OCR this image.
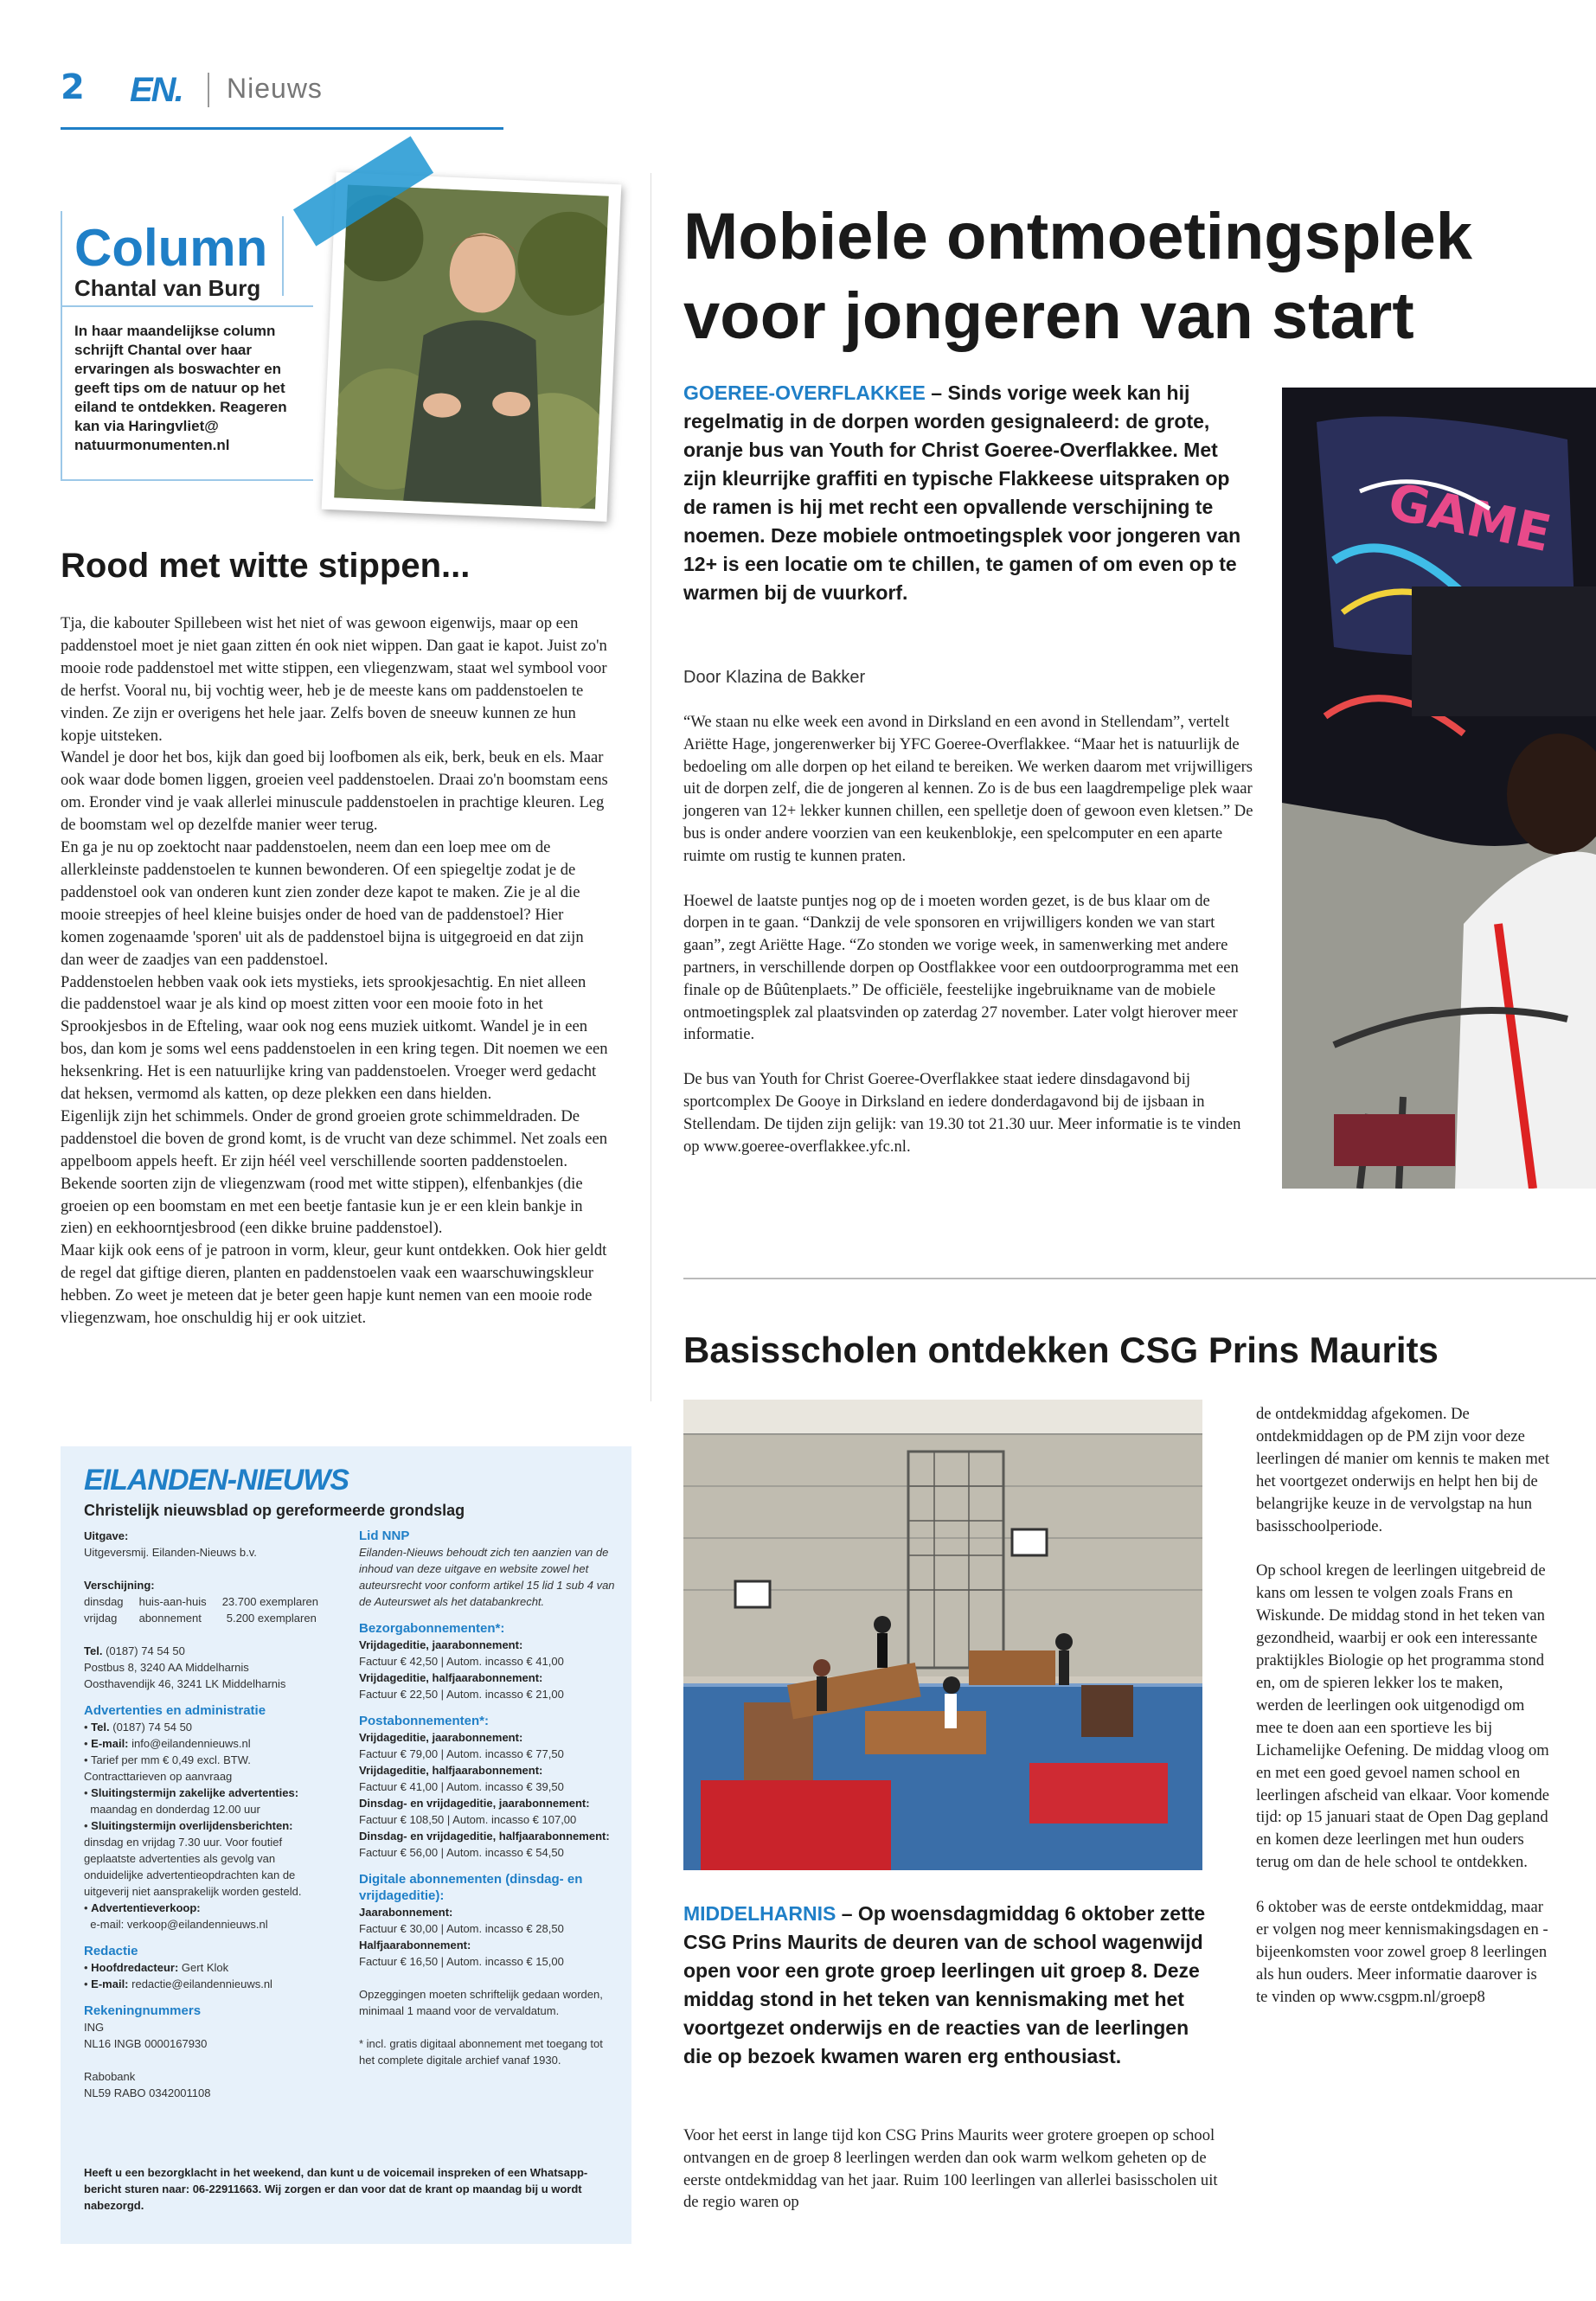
2 EN. Nieuws
Column
Chantal van Burg
In haar maandelijkse column schrijft Chantal over haar ervaringen als boswachter en geeft tips om de natuur op het eiland te ontdekken. Reageren kan via Haringvliet@ natuurmonumenten.nl
Rood met witte stippen...

Tja, die kabouter Spillebeen wist het niet of was gewoon eigenwijs, maar op een paddenstoel moet je niet gaan zitten én ook niet wippen. Dan gaat ie kapot. Juist zo'n mooie rode paddenstoel met witte stippen, een vliegenzwam, staat wel symbool voor de herfst. Vooral nu, bij vochtig weer, heb je de meeste kans om paddenstoelen te vinden. Ze zijn er overigens het hele jaar. Zelfs boven de sneeuw kunnen ze hun kopje uitsteken.

Wandel je door het bos, kijk dan goed bij loofbomen als eik, berk, beuk en els. Maar ook waar dode bomen liggen, groeien veel paddenstoelen. Draai zo'n boomstam eens om. Eronder vind je vaak allerlei minuscule paddenstoelen in prachtige kleuren. Leg de boomstam wel op dezelfde manier weer terug.

En ga je nu op zoektocht naar paddenstoelen, neem dan een loep mee om de allerkleinste paddenstoelen te kunnen bewonderen. Of een spiegeltje zodat je de paddenstoel ook van onderen kunt zien zonder deze kapot te maken. Zie je al die mooie streepjes of heel kleine buisjes onder de hoed van de paddenstoel? Hier komen zogenaamde 'sporen' uit als de paddenstoel bijna is uitgegroeid en dat zijn dan weer de zaadjes van een paddenstoel.

Paddenstoelen hebben vaak ook iets mystieks, iets sprookjesachtig. En niet alleen die paddenstoel waar je als kind op moest zitten voor een mooie foto in het Sprookjesbos in de Efteling, waar ook nog eens muziek uitkomt. Wandel je in een bos, dan kom je soms wel eens paddenstoelen in een kring tegen. Dit noemen we een heksenkring. Het is een natuurlijke kring van paddenstoelen. Vroeger werd gedacht dat heksen, vermomd als katten, op deze plekken een dans hielden.

Eigenlijk zijn het schimmels. Onder de grond groeien grote schimmeldraden. De paddenstoel die boven de grond komt, is de vrucht van deze schimmel. Net zoals een appelboom appels heeft. Er zijn héél veel verschillende soorten paddenstoelen. Bekende soorten zijn de vliegenzwam (rood met witte stippen), elfenbankjes (die groeien op een boomstam en met een beetje fantasie kun je er een klein bankje in zien) en eekhoorntjesbrood (een dikke bruine paddenstoel).

Maar kijk ook eens of je patroon in vorm, kleur, geur kunt ontdekken. Ook hier geldt de regel dat giftige dieren, planten en paddenstoelen vaak een waarschuwingskleur hebben. Zo weet je meteen dat je beter geen hapje kunt nemen van een mooie rode vliegenzwam, hoe onschuldig hij er ook uitziet.

EILANDEN-NIEUWS
Christelijk nieuwsblad op gereformeerde grondslag
Uitgave:
Uitgeversmij. Eilanden-Nieuws b.v.

Verschijning:
dinsdag     huis-aan-huis     23.700 exemplaren
vrijdag       abonnement        5.200 exemplaren

Tel. (0187) 74 54 50
Postbus 8, 3240 AA Middelharnis
Oosthavendijk 46, 3241 LK Middelharnis
Advertenties en administratie
• Tel. (0187) 74 54 50
• E-mail: info@eilandennieuws.nl
• Tarief per mm € 0,49 excl. BTW. Contracttarieven op aanvraag
• Sluitingstermijn zakelijke advertenties:
maandag en donderdag 12.00 uur
• Sluitingstermijn overlijdensberichten:
dinsdag en vrijdag 7.30 uur. Voor foutief geplaatste advertenties als gevolg van onduidelijke advertentieopdrachten kan de uitgeverij niet aansprakelijk worden gesteld.
• Advertentieverkoop:
e-mail: verkoop@eilandennieuws.nl
Redactie
• Hoofdredacteur: Gert Klok
• E-mail: redactie@eilandennieuws.nl
Rekeningnummers
ING
NL16 INGB 0000167930

Rabobank
NL59 RABO 0342001108
Lid NNP
Eilanden-Nieuws behoudt zich ten aanzien van de inhoud van deze uitgave en website zowel het auteursrecht voor conform artikel 15 lid 1 sub 4 van de Auteurswet als het databankrecht.
Bezorgabonnementen*:
Vrijdageditie, jaarabonnement:
Factuur € 42,50 | Autom. incasso € 41,00
Vrijdageditie, halfjaarabonnement:
Factuur € 22,50 | Autom. incasso € 21,00
Postabonnementen*:
Vrijdageditie, jaarabonnement:
Factuur € 79,00 | Autom. incasso € 77,50
Vrijdageditie, halfjaarabonnement:
Factuur € 41,00 | Autom. incasso € 39,50
Dinsdag- en vrijdageditie, jaarabonnement:
Factuur € 108,50 | Autom. incasso € 107,00
Dinsdag- en vrijdageditie, halfjaarabonnement:
Factuur € 56,00 | Autom. incasso € 54,50
Digitale abonnementen (dinsdag- en vrijdageditie):
Jaarabonnement:
Factuur € 30,00 | Autom. incasso € 28,50
Halfjaarabonnement:
Factuur € 16,50 | Autom. incasso € 15,00

Opzeggingen moeten schriftelijk gedaan worden, minimaal 1 maand voor de vervaldatum.

* incl. gratis digitaal abonnement met toegang tot het complete digitale archief vanaf 1930.
Heeft u een bezorgklacht in het weekend, dan kunt u de voicemail inspreken of een Whatsapp-bericht sturen naar: 06-22911663. Wij zorgen er dan voor dat de krant op maandag bij u wordt nabezorgd.
Mobiele ontmoetingsplek voor jongeren van start
GOEREE-OVERFLAKKEE – Sinds vorige week kan hij regelmatig in de dorpen worden gesignaleerd: de grote, oranje bus van Youth for Christ Goeree-Overflakkee. Met zijn kleurrijke graffiti en typische Flakkeese uitspraken op de ramen is hij met recht een opvallende verschijning te noemen. Deze mobiele ontmoetingsplek voor jongeren van 12+ is een locatie om te chillen, te gamen of om even op te warmen bij de vuurkorf.
Door Klazina de Bakker

“We staan nu elke week een avond in Dirksland en een avond in Stellendam”, vertelt Ariëtte Hage, jongerenwerker bij YFC Goeree-Overflakkee. “Maar het is natuurlijk de bedoeling om alle dorpen op het eiland te bereiken. We werken daarom met vrijwilligers uit de dorpen zelf, die de jongeren al kennen. Zo is de bus een laagdrempelige plek waar jongeren van 12+ lekker kunnen chillen, een spelletje doen of gewoon even kletsen.” De bus is onder andere voorzien van een keukenblokje, een spelcomputer en een aparte ruimte om rustig te kunnen praten.

Hoewel de laatste puntjes nog op de i moeten worden gezet, is de bus klaar om de dorpen in te gaan. “Dankzij de vele sponsoren en vrijwilligers konden we van start gaan”, zegt Ariëtte Hage. “Zo stonden we vorige week, in samenwerking met andere partners, in verschillende dorpen op Oostflakkee voor een outdoorprogramma met een finale op de Bûûtenplaets.” De officiële, feestelijke ingebruikname van de mobiele ontmoetingsplek zal plaatsvinden op zaterdag 27 november. Later volgt hierover meer informatie.

De bus van Youth for Christ Goeree-Overflakkee staat iedere dinsdagavond bij sportcomplex De Gooye in Dirksland en iedere donderdagavond bij de ijsbaan in Stellendam. De tijden zijn gelijk: van 19.30 tot 21.30 uur. Meer informatie is te vinden op www.goeree-overflakkee.yfc.nl.

GAME
Basisscholen ontdekken CSG Prins Maurits
MIDDELHARNIS – Op woensdagmiddag 6 oktober zette CSG Prins Maurits de deuren van de school wagenwijd open voor een grote groep leerlingen uit groep 8. Deze middag stond in het teken van kennismaking met het voortgezet onderwijs en de reacties van de leerlingen die op bezoek kwamen waren erg enthousiast.
Voor het eerst in lange tijd kon CSG Prins Maurits weer grotere groepen op school ontvangen en de groep 8 leerlingen werden dan ook warm welkom geheten op de eerste ontdekmiddag van het jaar. Ruim 100 leerlingen van allerlei basisscholen uit de regio waren op

de ontdekmiddag afgekomen. De ontdekmiddagen op de PM zijn voor deze leerlingen dé manier om kennis te maken met het voortgezet onderwijs en helpt hen bij de belangrijke keuze in de vervolgstap na hun basisschoolperiode.

Op school kregen de leerlingen uitgebreid de kans om lessen te volgen zoals Frans en Wiskunde. De middag stond in het teken van gezondheid, waarbij er ook een interessante praktijkles Biologie op het programma stond en, om de spieren lekker los te maken, werden de leerlingen ook uitgenodigd om mee te doen aan een sportieve les bij Lichamelijke Oefening. De middag vloog om en met een goed gevoel namen school en leerlingen afscheid van elkaar. Voor komende tijd: op 15 januari staat de Open Dag gepland en komen deze leerlingen met hun ouders terug om dan de hele school te ontdekken.

6 oktober was de eerste ontdekmiddag, maar er volgen nog meer kennismakingsdagen en -bijeenkomsten voor zowel groep 8 leerlingen als hun ouders. Meer informatie daarover is te vinden op www.csgpm.nl/groep8
